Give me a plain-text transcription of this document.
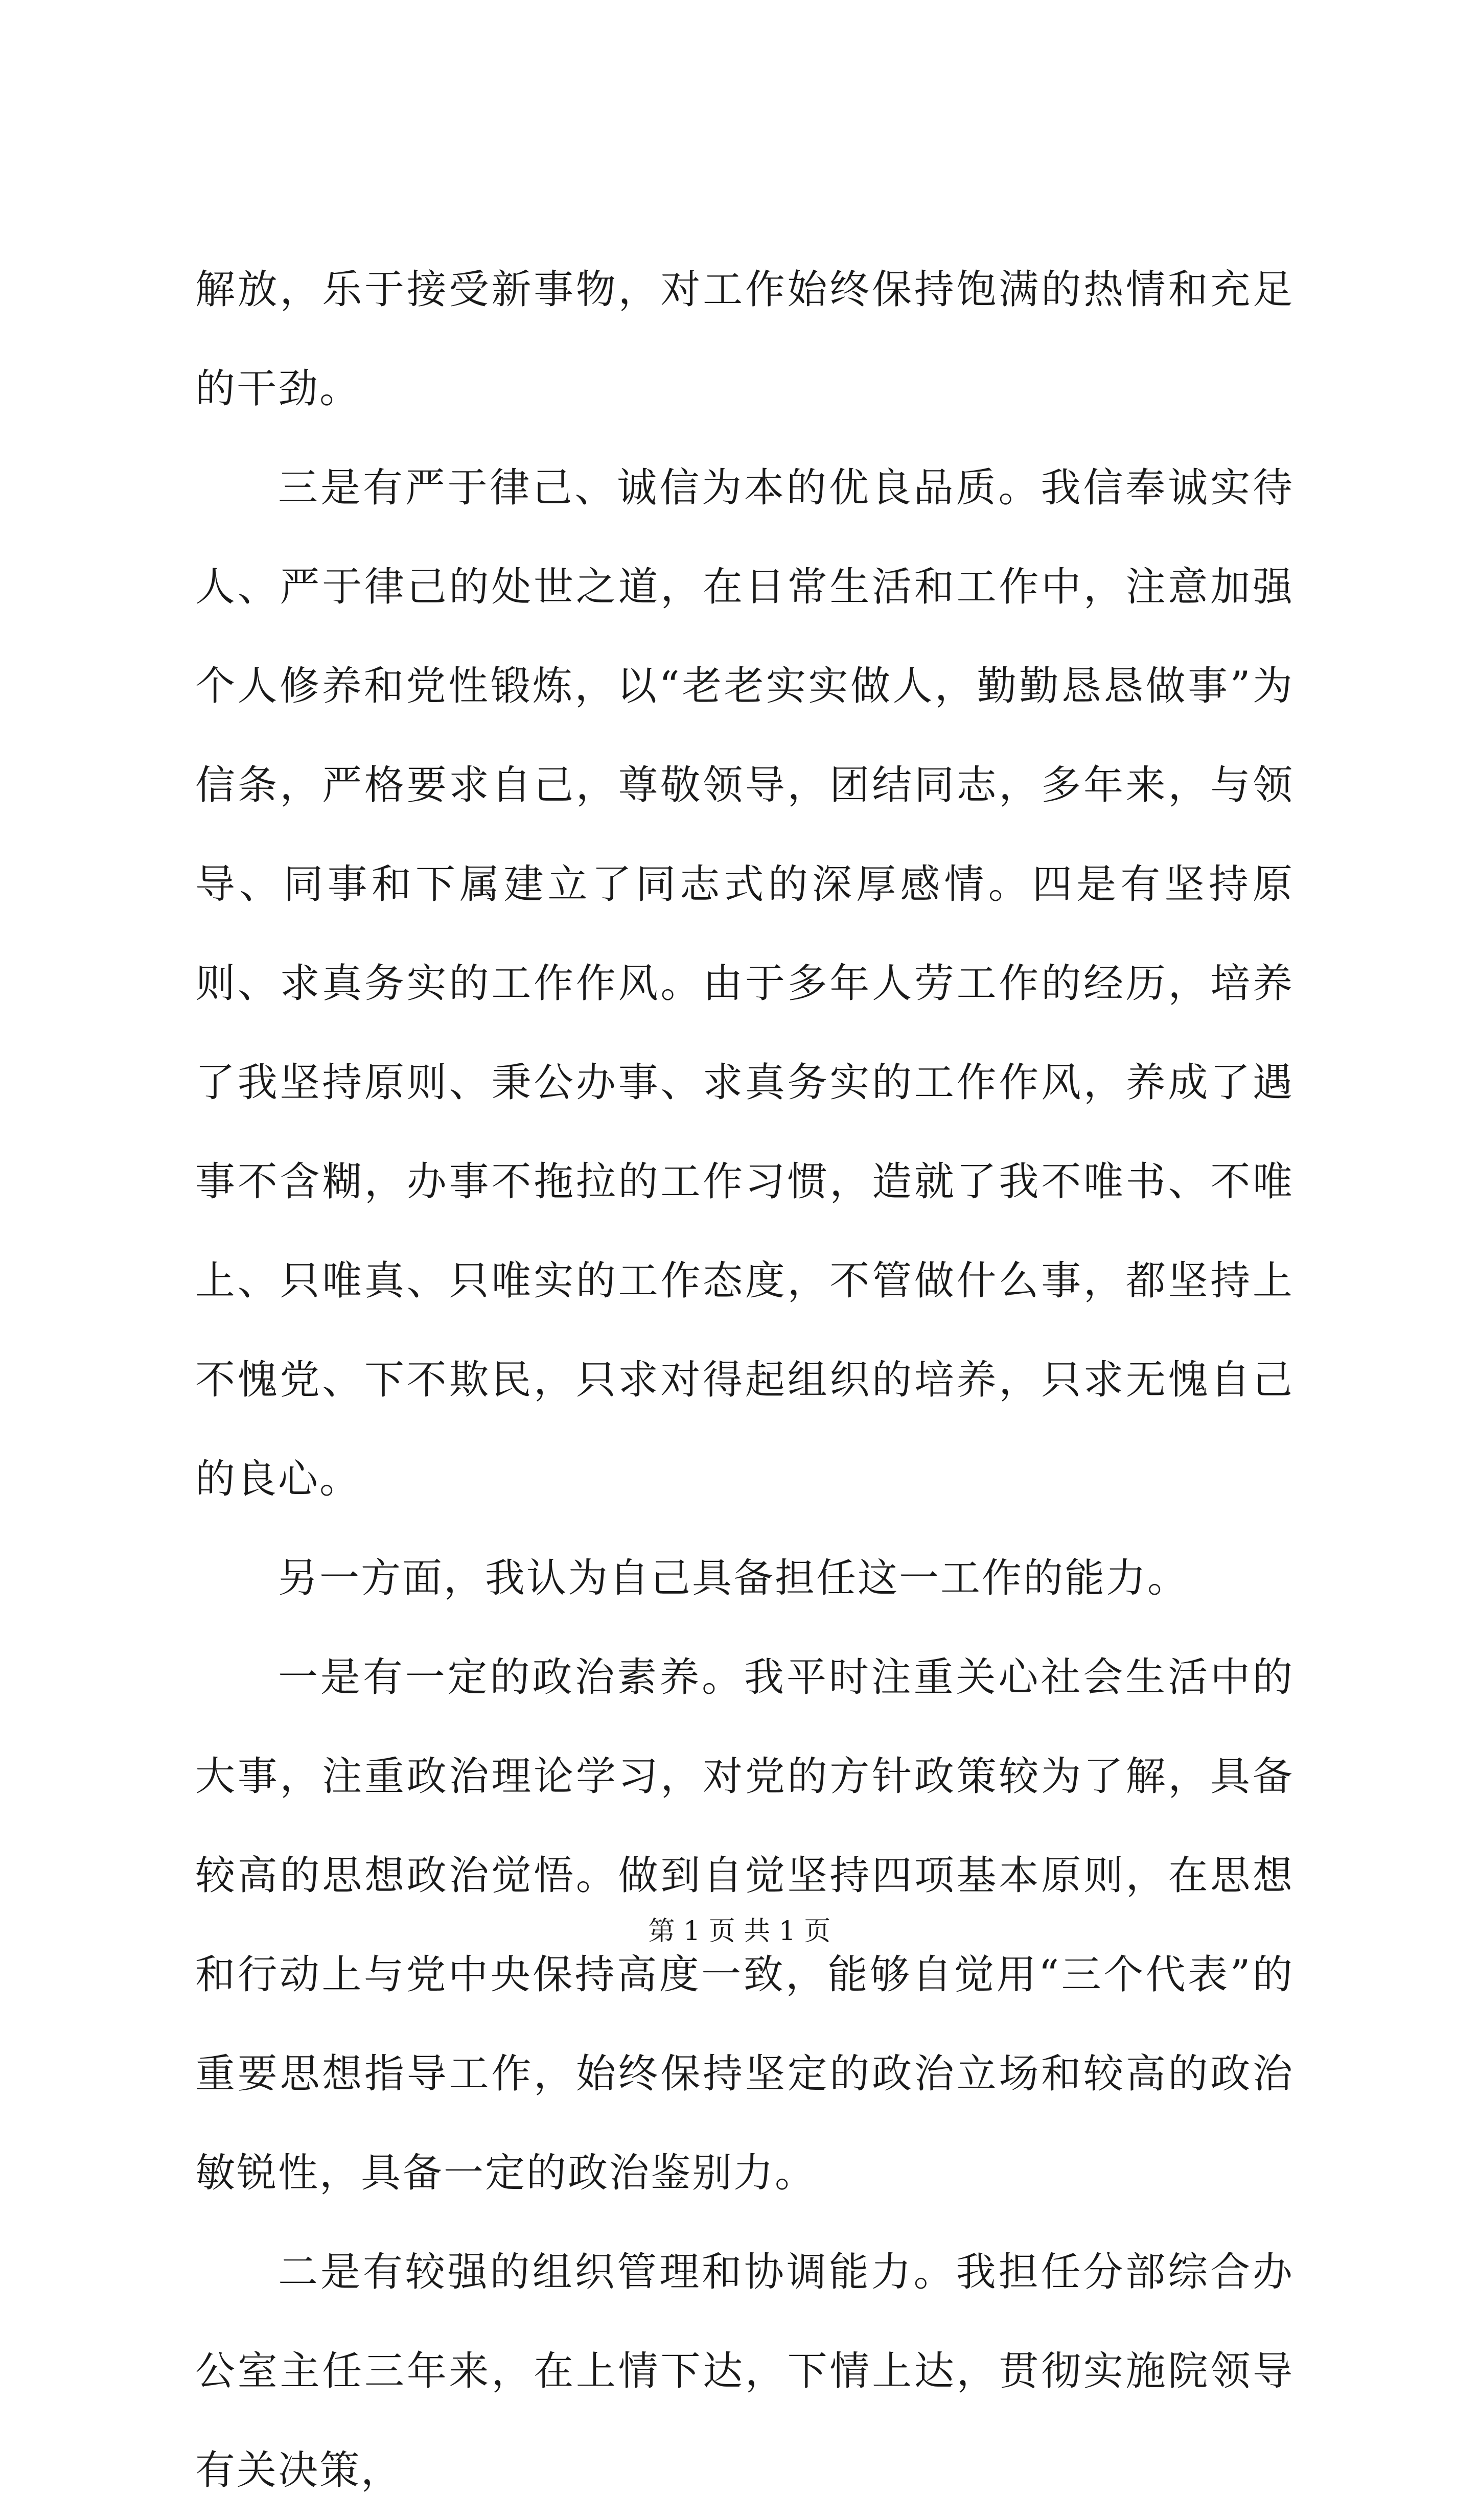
解放，乐于接受新事物，对工作始终保持饱满的热情和充足的干劲。

三是有严于律己、诚信为本的优良品质。我信奉诚实待人、严于律己的处世之道，在日常生活和工作中，注意加强个人修养和党性锻炼，以“老老实实做人，勤勤恳恳做事”为信条，严格要求自己，尊敬领导，团结同志，多年来，与领导、同事和下属建立了同志式的深厚感情。四是有坚持原则、求真务实的工作作风。由于多年人劳工作的经历，培养了我坚持原则、秉公办事、求真务实的工作作风，养成了遇事不含糊，办事不拖拉的工作习惯，造就了我不唯书、不唯上、只唯真、只唯实的工作态度，不管做什么事，都坚持上不愧党、下不欺民，只求对得起组织的培养，只求无愧自己的良心。

另一方面，我认为自己具备担任这一工作的能力。

一是有一定的政治素养。我平时注重关心社会生活中的大事，注重政治理论学习，对党的方针政策较为了解，具备较高的思想政治觉悟。做到自觉坚持四项基本原则，在思想和行动上与党中央保持高度一致，能够自觉用“三个代表”的重要思想指导工作，始终保持坚定的政治立场和较高的政治敏锐性，具备一定的政治鉴别力。

二是有较强的组织管理和协调能力。我担任分部综合办公室主任三年来，在上情下达，下情上达，贯彻实施院领导有关决策，

第 1 页 共 1 页
